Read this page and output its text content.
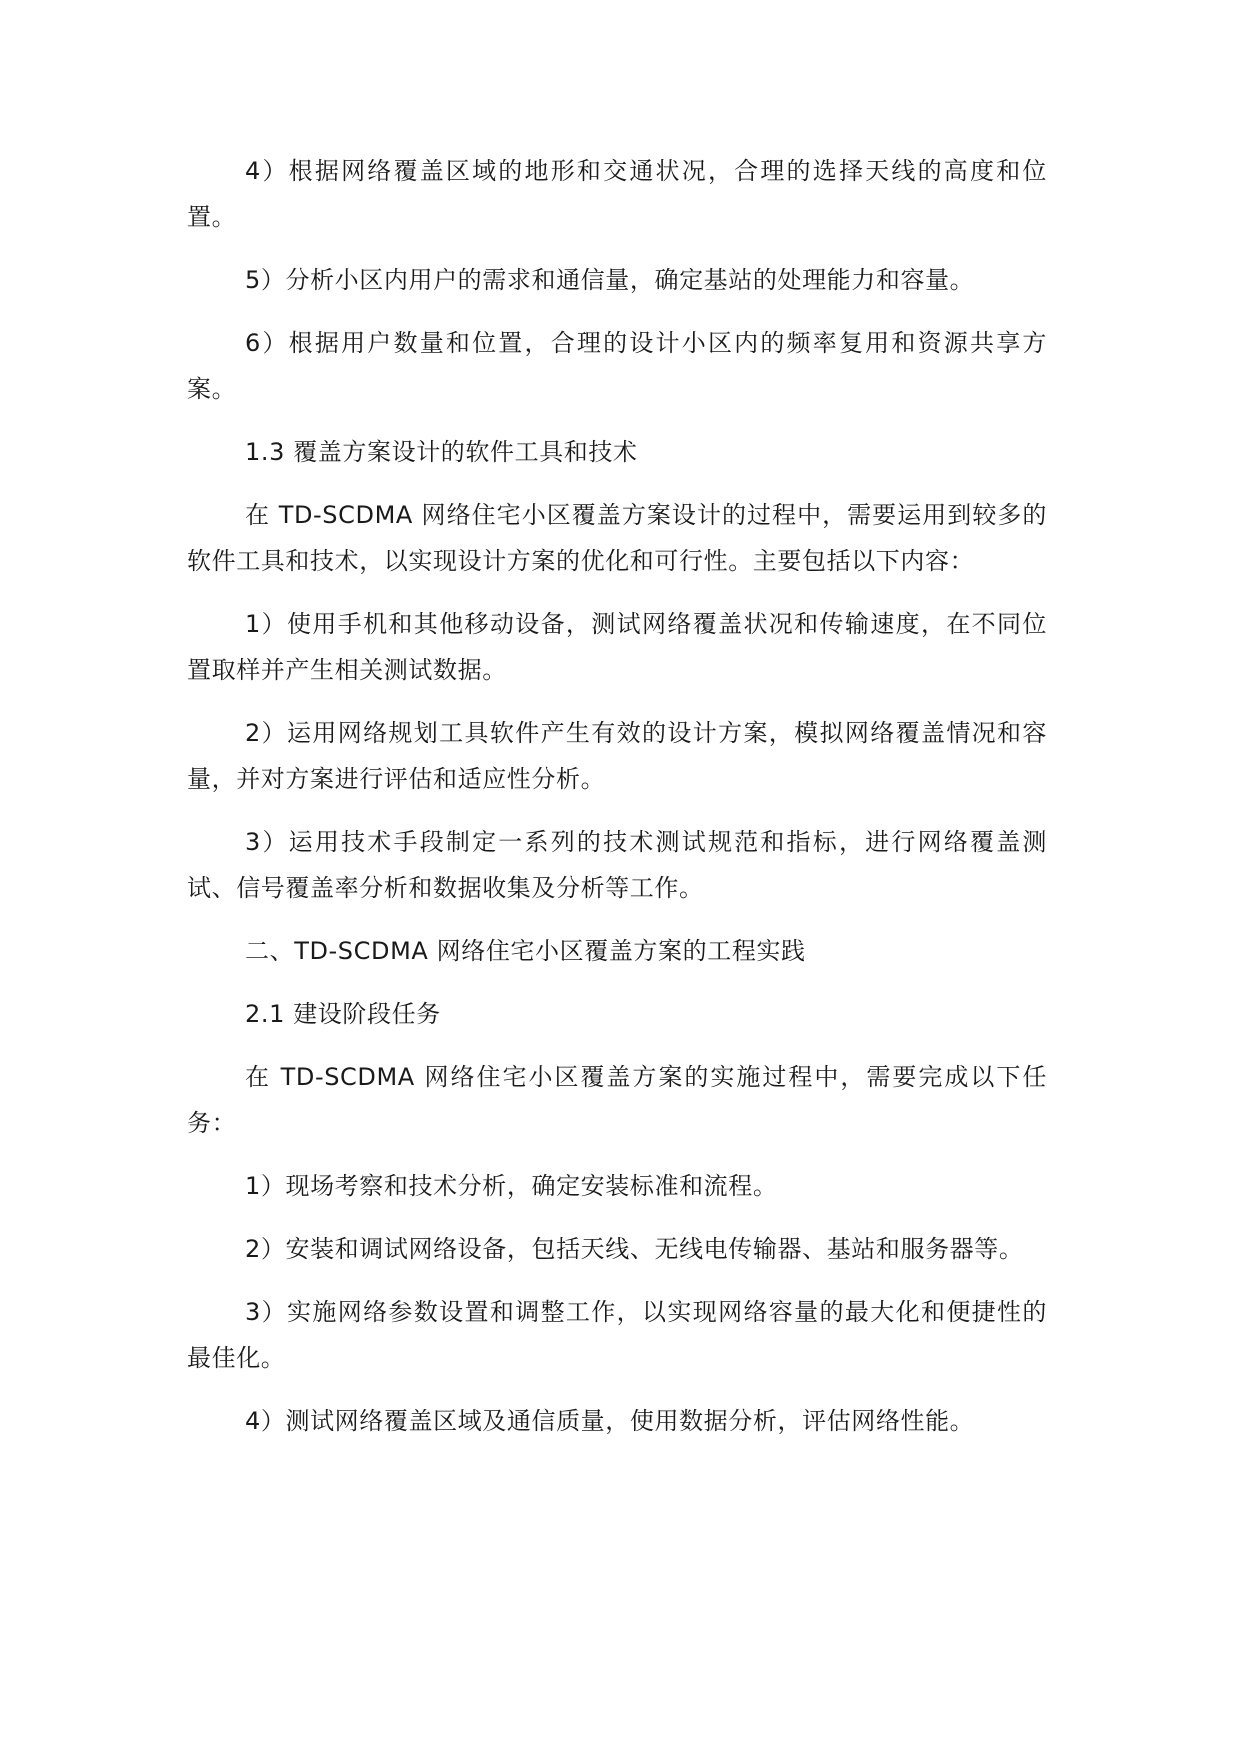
4）根据网络覆盖区域的地形和交通状况，合理的选择天线的高度和位置。

5）分析小区内用户的需求和通信量，确定基站的处理能力和容量。

6）根据用户数量和位置，合理的设计小区内的频率复用和资源共享方案。

1.3 覆盖方案设计的软件工具和技术

在 TD-SCDMA 网络住宅小区覆盖方案设计的过程中，需要运用到较多的软件工具和技术，以实现设计方案的优化和可行性。主要包括以下内容：

1）使用手机和其他移动设备，测试网络覆盖状况和传输速度，在不同位置取样并产生相关测试数据。

2）运用网络规划工具软件产生有效的设计方案，模拟网络覆盖情况和容量，并对方案进行评估和适应性分析。

3）运用技术手段制定一系列的技术测试规范和指标，进行网络覆盖测试、信号覆盖率分析和数据收集及分析等工作。

二、TD-SCDMA 网络住宅小区覆盖方案的工程实践

2.1 建设阶段任务

在 TD-SCDMA 网络住宅小区覆盖方案的实施过程中，需要完成以下任务：

1）现场考察和技术分析，确定安装标准和流程。

2）安装和调试网络设备，包括天线、无线电传输器、基站和服务器等。

3）实施网络参数设置和调整工作，以实现网络容量的最大化和便捷性的最佳化。

4）测试网络覆盖区域及通信质量，使用数据分析，评估网络性能。
